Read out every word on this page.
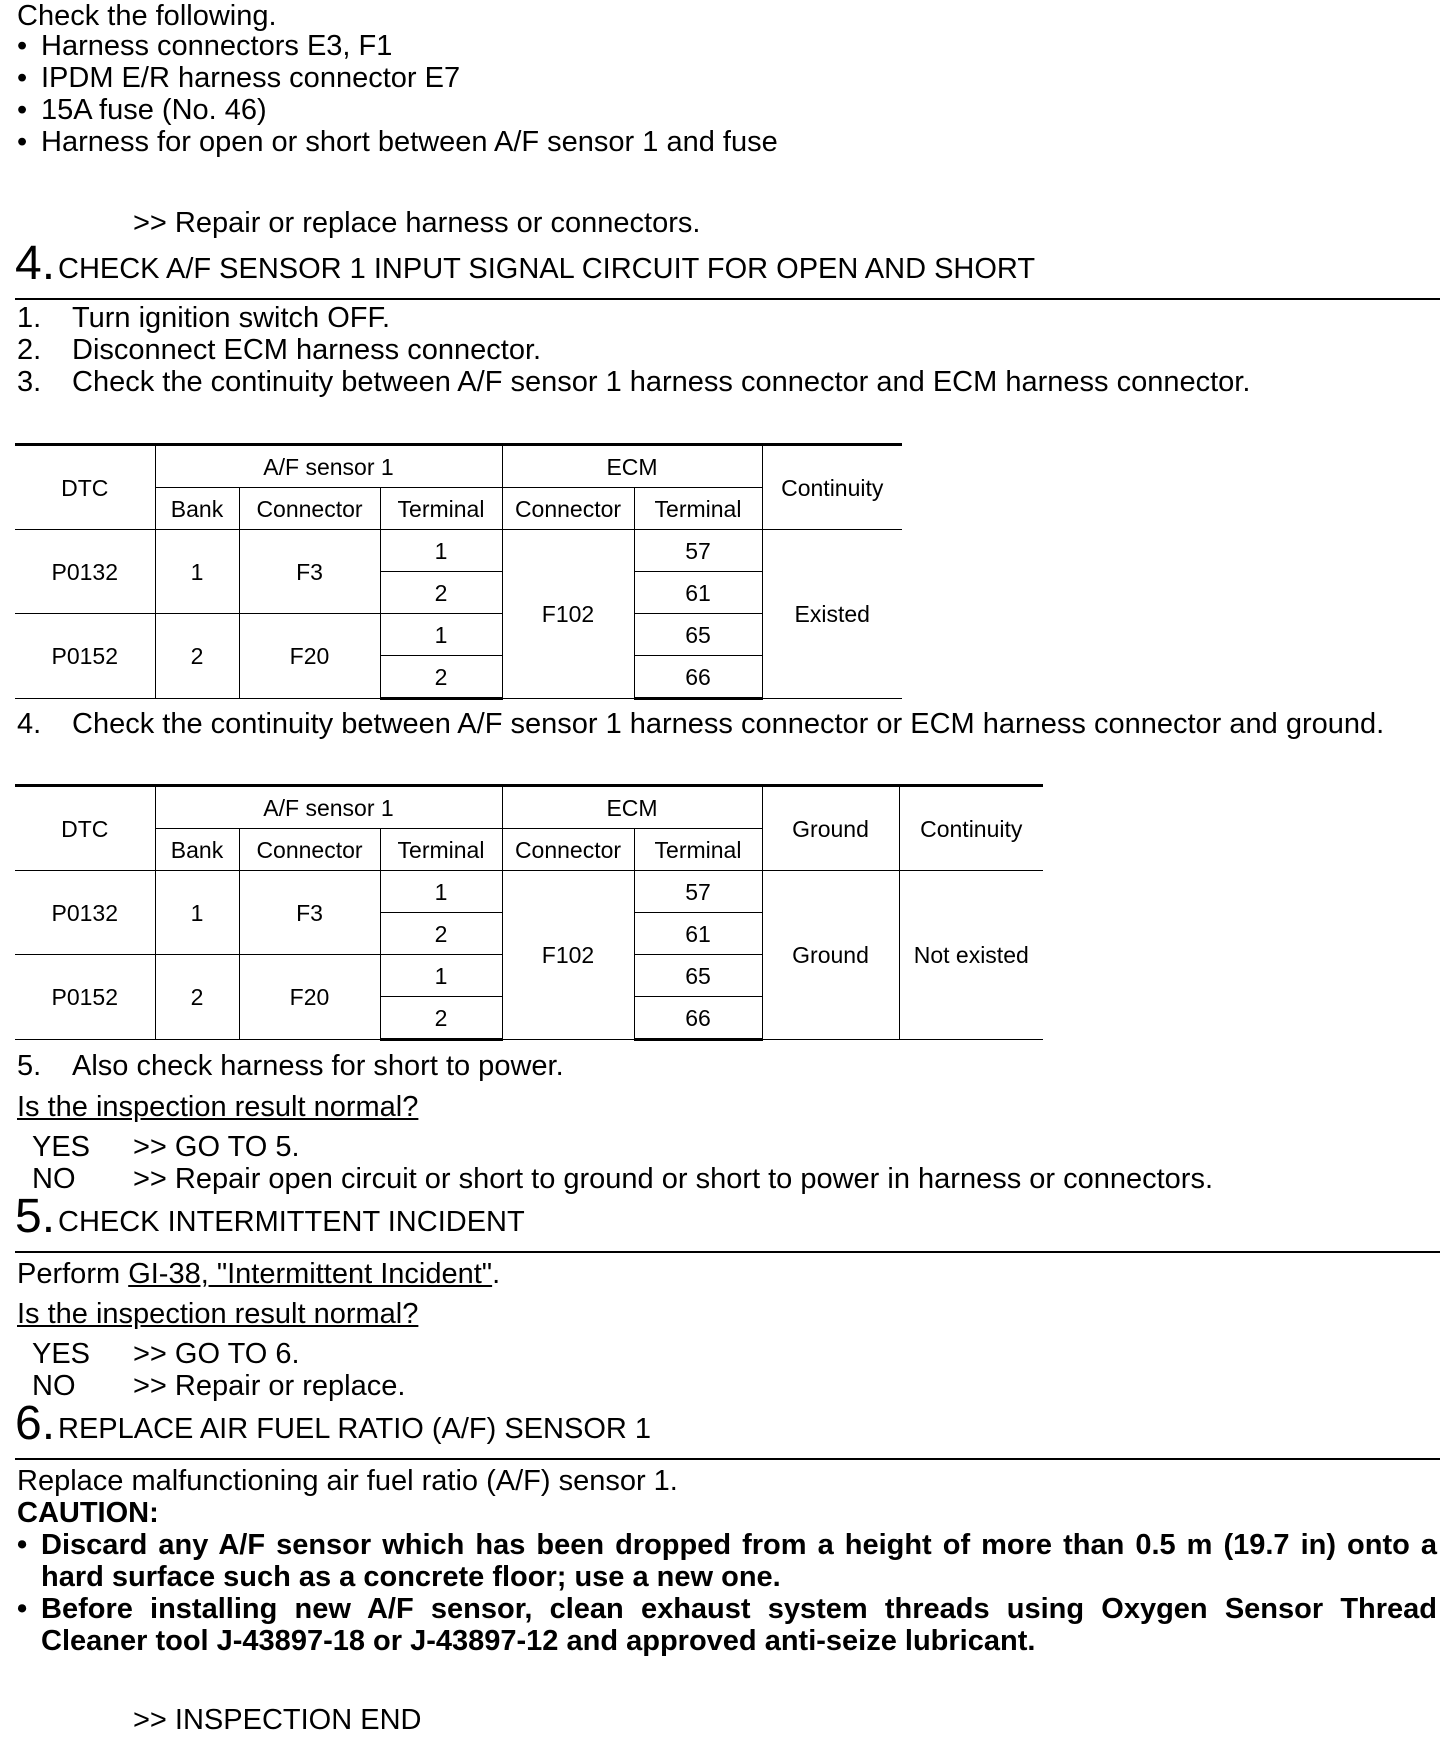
Check the following.
• Harness connectors E3, F1
• IPDM E/R harness connector E7
• 15A fuse (No. 46)
• Harness for open or short between A/F sensor 1 and fuse
>> Repair or replace harness or connectors.
4. CHECK A/F SENSOR 1 INPUT SIGNAL CIRCUIT FOR OPEN AND SHORT
1. Turn ignition switch OFF.
2. Disconnect ECM harness connector.
3. Check the continuity between A/F sensor 1 harness connector and ECM harness connector.
DTC	A/F sensor 1			ECM		Continuity
	Bank	Connector	Terminal	Connector	Terminal	
P0132	1	F3	1	F102	57	Existed
			2		61	
P0152	2	F20	1		65	
			2		66	
4. Check the continuity between A/F sensor 1 harness connector or ECM harness connector and ground.
DTC	A/F sensor 1			ECM		Ground	Continuity
	Bank	Connector	Terminal	Connector	Terminal		
P0132	1	F3	1	F102	57	Ground	Not existed
			2		61		
P0152	2	F20	1		65		
			2		66		
5. Also check harness for short to power.
Is the inspection result normal?
YES >> GO TO 5.
NO >> Repair open circuit or short to ground or short to power in harness or connectors.
5. CHECK INTERMITTENT INCIDENT
Perform GI-38, "Intermittent Incident".
Is the inspection result normal?
YES >> GO TO 6.
NO >> Repair or replace.
6. REPLACE AIR FUEL RATIO (A/F) SENSOR 1
Replace malfunctioning air fuel ratio (A/F) sensor 1.
CAUTION:
• Discard any A/F sensor which has been dropped from a height of more than 0.5 m (19.7 in) onto a hard surface such as a concrete floor; use a new one.
• Before installing new A/F sensor, clean exhaust system threads using Oxygen Sensor Thread Cleaner tool J-43897-18 or J-43897-12 and approved anti-seize lubricant.
>> INSPECTION END
